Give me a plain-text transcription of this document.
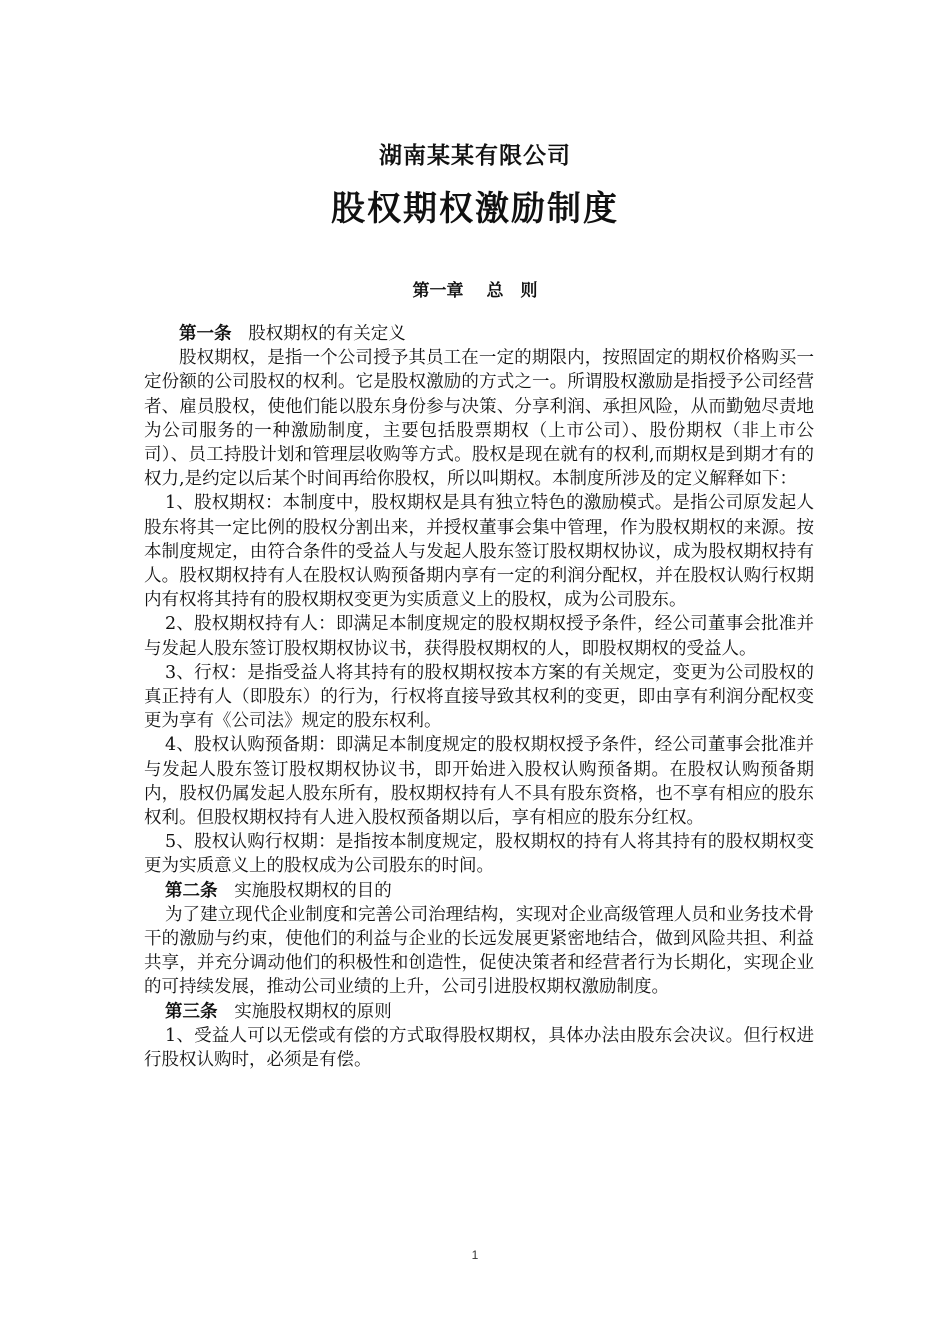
湖南某某有限公司
股权期权激励制度
第一章　 总　则

第一条 股权期权的有关定义

股权期权，是指一个公司授予其员工在一定的期限内，按照固定的期权价格购买一定份额的公司股权的权利。它是股权激励的方式之一。所谓股权激励是指授予公司经营者、雇员股权，使他们能以股东身份参与决策、分享利润、承担风险，从而勤勉尽责地为公司服务的一种激励制度，主要包括股票期权（上市公司）、股份期权（非上市公司）、员工持股计划和管理层收购等方式。股权是现在就有的权利,而期权是到期才有的权力,是约定以后某个时间再给你股权，所以叫期权。本制度所涉及的定义解释如下：

1、股权期权：本制度中，股权期权是具有独立特色的激励模式。是指公司原发起人股东将其一定比例的股权分割出来，并授权董事会集中管理，作为股权期权的来源。按本制度规定，由符合条件的受益人与发起人股东签订股权期权协议，成为股权期权持有人。股权期权持有人在股权认购预备期内享有一定的利润分配权，并在股权认购行权期内有权将其持有的股权期权变更为实质意义上的股权，成为公司股东。

2、股权期权持有人：即满足本制度规定的股权期权授予条件，经公司董事会批准并与发起人股东签订股权期权协议书，获得股权期权的人，即股权期权的受益人。

3、行权：是指受益人将其持有的股权期权按本方案的有关规定，变更为公司股权的真正持有人（即股东）的行为，行权将直接导致其权利的变更，即由享有利润分配权变更为享有《公司法》规定的股东权利。

4、股权认购预备期：即满足本制度规定的股权期权授予条件，经公司董事会批准并与发起人股东签订股权期权协议书，即开始进入股权认购预备期。在股权认购预备期内，股权仍属发起人股东所有，股权期权持有人不具有股东资格，也不享有相应的股东权利。但股权期权持有人进入股权预备期以后，享有相应的股东分红权。

5、股权认购行权期：是指按本制度规定，股权期权的持有人将其持有的股权期权变更为实质意义上的股权成为公司股东的时间。

第二条 实施股权期权的目的

为了建立现代企业制度和完善公司治理结构，实现对企业高级管理人员和业务技术骨干的激励与约束，使他们的利益与企业的长远发展更紧密地结合，做到风险共担、利益共享，并充分调动他们的积极性和创造性，促使决策者和经营者行为长期化，实现企业的可持续发展，推动公司业绩的上升，公司引进股权期权激励制度。

第三条 实施股权期权的原则

1、受益人可以无偿或有偿的方式取得股权期权，具体办法由股东会决议。但行权进行股权认购时，必须是有偿。

1
